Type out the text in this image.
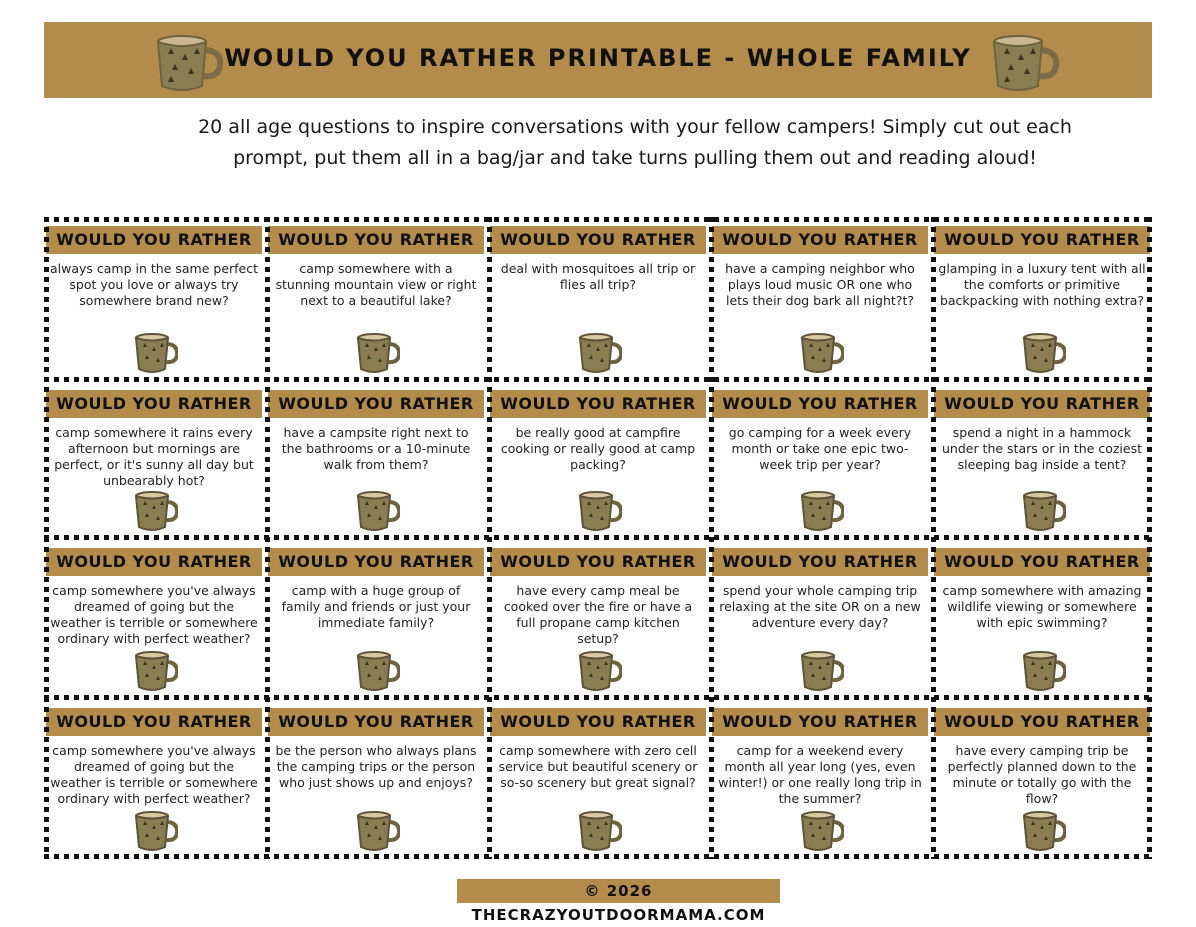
WOULD YOU RATHER PRINTABLE - WHOLE FAMILY
20 all age questions to inspire conversations with your fellow campers! Simply cut out each
prompt, put them all in a bag/jar and take turns pulling them out and reading aloud!
WOULD YOU RATHER
always camp in the same perfect spot you love or always try somewhere brand new?
WOULD YOU RATHER
camp somewhere with a stunning mountain view or right next to a beautiful lake?
WOULD YOU RATHER
deal with mosquitoes all trip or flies all trip?
WOULD YOU RATHER
have a camping neighbor who plays loud music OR one who lets their dog bark all night?t?
WOULD YOU RATHER
glamping in a luxury tent with all the comforts or primitive backpacking with nothing extra?
WOULD YOU RATHER
camp somewhere it rains every afternoon but mornings are perfect, or it's sunny all day but unbearably hot?
WOULD YOU RATHER
have a campsite right next to the bathrooms or a 10-minute walk from them?
WOULD YOU RATHER
be really good at campfire cooking or really good at camp packing?
WOULD YOU RATHER
go camping for a week every month or take one epic two-week trip per year?
WOULD YOU RATHER
spend a night in a hammock under the stars or in the coziest sleeping bag inside a tent?
WOULD YOU RATHER
camp somewhere you've always dreamed of going but the weather is terrible or somewhere ordinary with perfect weather?
WOULD YOU RATHER
camp with a huge group of family and friends or just your immediate family?
WOULD YOU RATHER
have every camp meal be cooked over the fire or have a full propane camp kitchen setup?
WOULD YOU RATHER
spend your whole camping trip relaxing at the site OR on a new adventure every day?
WOULD YOU RATHER
camp somewhere with amazing wildlife viewing or somewhere with epic swimming?
WOULD YOU RATHER
camp somewhere you've always dreamed of going but the weather is terrible or somewhere ordinary with perfect weather?
WOULD YOU RATHER
be the person who always plans the camping trips or the person who just shows up and enjoys?
WOULD YOU RATHER
camp somewhere with zero cell service but beautiful scenery or so-so scenery but great signal?
WOULD YOU RATHER
camp for a weekend every month all year long (yes, even winter!) or one really long trip in the summer?
WOULD YOU RATHER
have every camping trip be perfectly planned down to the minute or totally go with the flow?
© 2026 THECRAZYOUTDOORMAMA.COM
